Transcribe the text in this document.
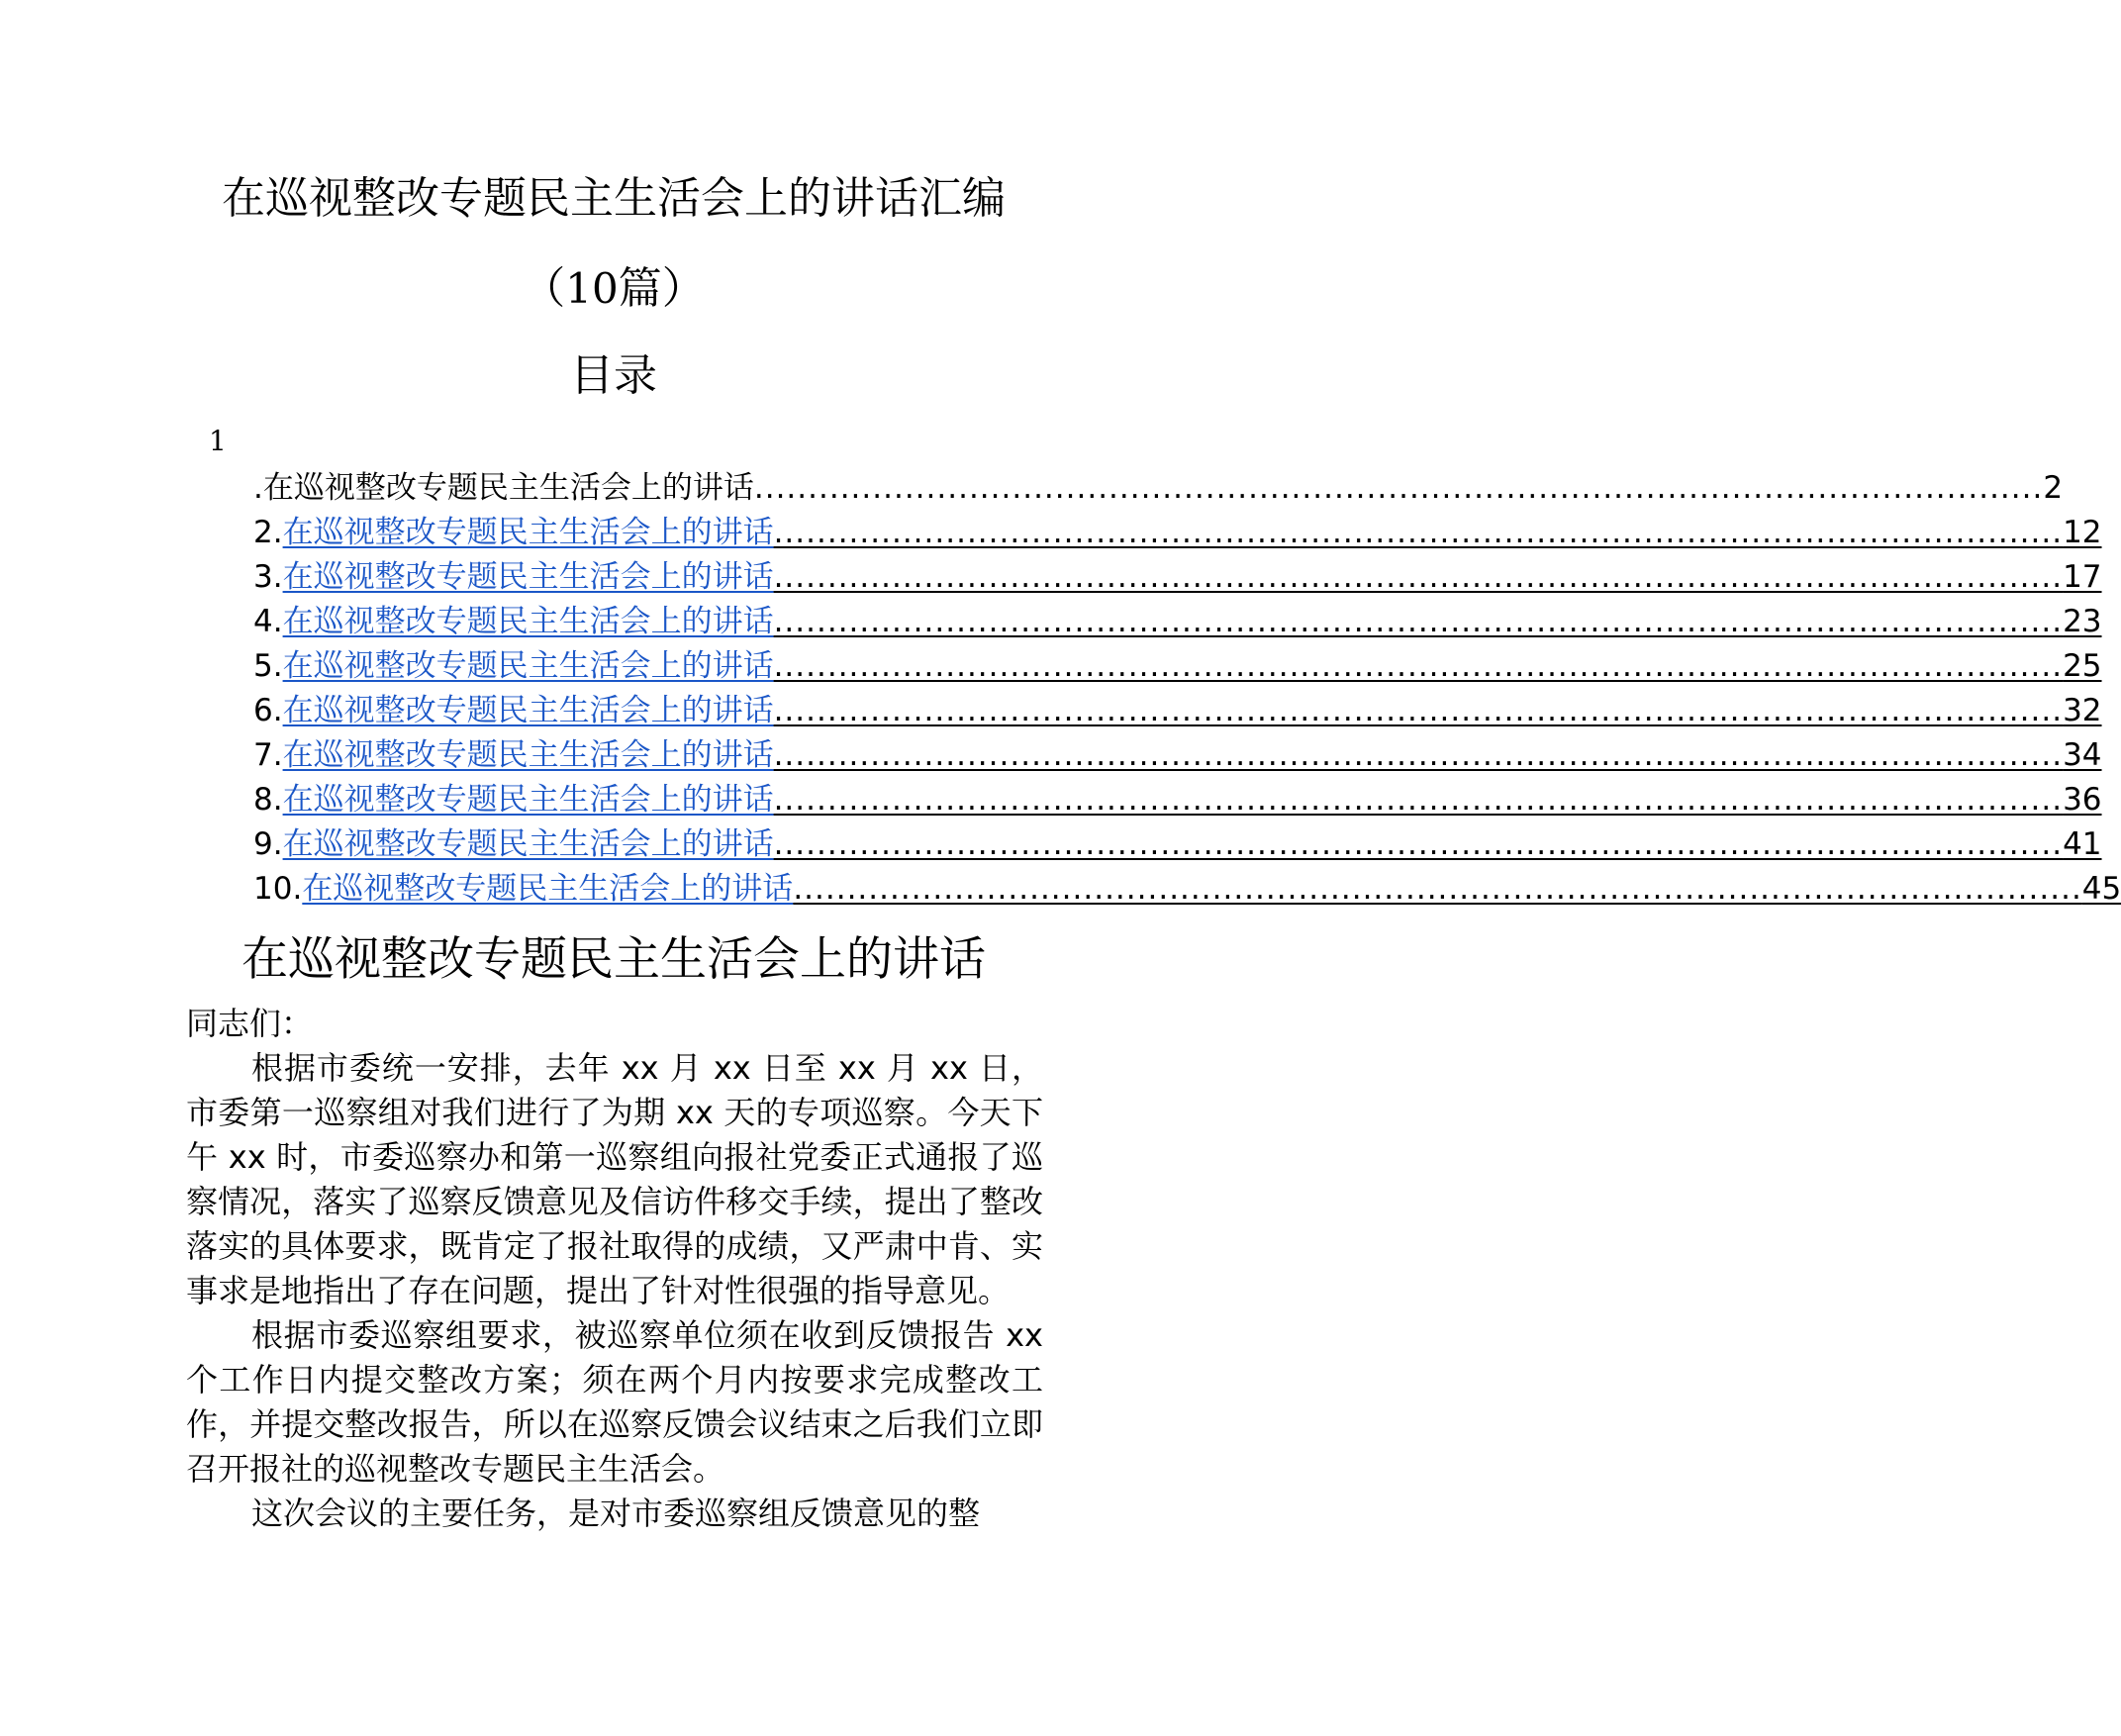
在巡视整改专题民主生活会上的讲话汇编
（10篇）
目录
1
.在巡视整改专题民主生活会上的讲话 ........................................................................................................................ 2
2. 在巡视整改专题民主生活会上的讲话 ........................................................................................................................ 12
3. 在巡视整改专题民主生活会上的讲话 ........................................................................................................................ 17
4. 在巡视整改专题民主生活会上的讲话 ........................................................................................................................ 23
5. 在巡视整改专题民主生活会上的讲话 ........................................................................................................................ 25
6. 在巡视整改专题民主生活会上的讲话 ........................................................................................................................ 32
7. 在巡视整改专题民主生活会上的讲话 ........................................................................................................................ 34
8. 在巡视整改专题民主生活会上的讲话 ........................................................................................................................ 36
9. 在巡视整改专题民主生活会上的讲话 ........................................................................................................................ 41
10. 在巡视整改专题民主生活会上的讲话 ........................................................................................................................ 45
在巡视整改专题民主生活会上的讲话

同志们：

根据市委统一安排，去年 xx 月 xx 日至 xx 月 xx 日，市委第一巡察组对我们进行了为期 xx 天的专项巡察。今天下午 xx 时，市委巡察办和第一巡察组向报社党委正式通报了巡察情况，落实了巡察反馈意见及信访件移交手续，提出了整改落实的具体要求，既肯定了报社取得的成绩，又严肃中肯、实事求是地指出了存在问题，提出了针对性很强的指导意见。

根据市委巡察组要求，被巡察单位须在收到反馈报告 xx 个工作日内提交整改方案；须在两个月内按要求完成整改工作，并提交整改报告，所以在巡察反馈会议结束之后我们立即召开报社的巡视整改专题民主生活会。

这次会议的主要任务，是对市委巡察组反馈意见的整
